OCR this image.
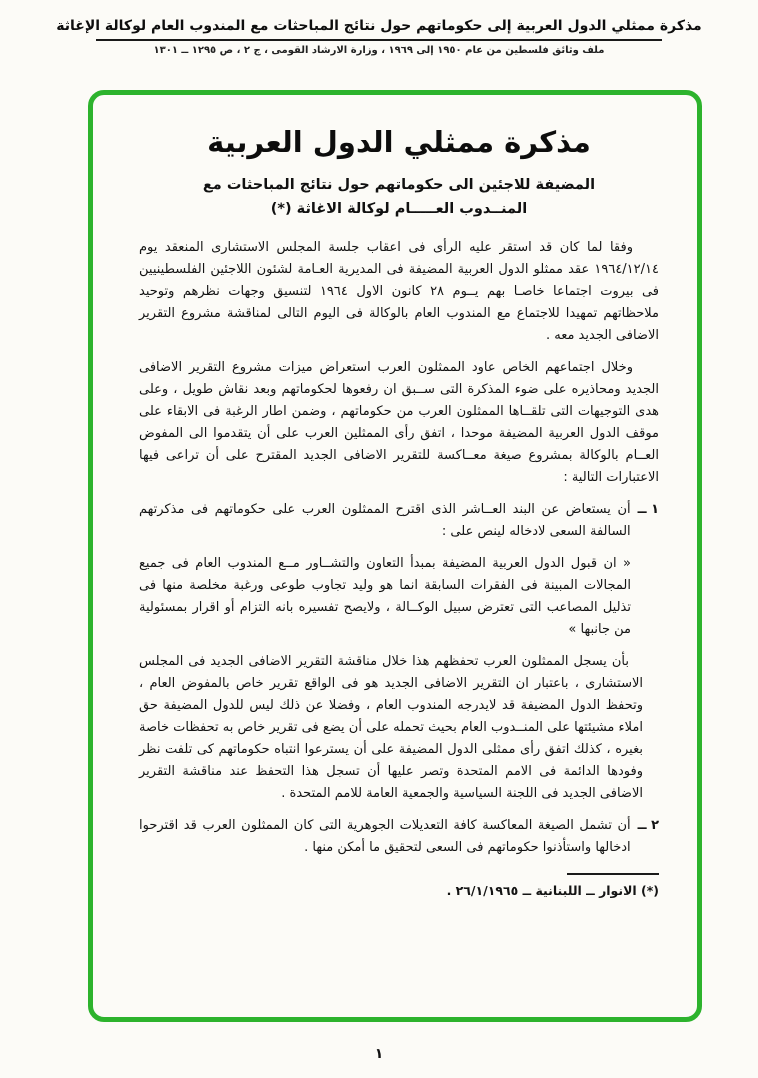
مذكرة ممثلي الدول العربية إلى حكوماتهم حول نتائج المباحثات مع المندوب العام لوكالة الإغاثة
ملف وثائق فلسطين من عام ١٩٥٠ إلى ١٩٦٩ ، وزارة الارشاد القومى ، ج ٢ ، ص ١٢٩٥ ــ ١٣٠١
مذكرة ممثلي الدول العربية
المضيفة للاجئين الى حكوماتهم حول نتائج المباحثات مع
المنــدوب العـــــام لوكالة الاغاثة (*)

وفقا لما كان قد استقر عليه الرأى فى اعقاب جلسة المجلس الاستشارى المنعقد يوم ١٩٦٤/١٢/١٤ عقد ممثلو الدول العربية المضيفة فى المديرية العـامة لشئون اللاجئين الفلسطينيين فى بيروت اجتماعا خاصـا بهم يــوم ٢٨ كانون الاول ١٩٦٤ لتنسيق وجهات نظرهم وتوحيد ملاحظاتهم تمهيدا للاجتماع مع المندوب العام بالوكالة فى اليوم التالى لمناقشة مشروع التقرير الاضافى الجديد معه .

وخلال اجتماعهم الخاص عاود الممثلون العرب استعراض ميزات مشروع التقرير الاضافى الجديد ومحاذيره على ضوء المذكرة التى ســبق ان رفعوها لحكوماتهم وبعد نقاش طويل ، وعلى هدى التوجيهات التى تلقــاها الممثلون العرب من حكوماتهم ، وضمن اطار الرغبة فى الابقاء على موقف الدول العربية المضيفة موحدا ، اتفق رأى الممثلين العرب على أن يتقدموا الى المفوض العــام بالوكالة بمشروع صيغة معــاكسة للتقرير الاضافى الجديد المقترح على أن تراعى فيها الاعتبارات التالية :

١ ــ
أن يستعاض عن البند العــاشر الذى اقترح الممثلون العرب على حكوماتهم فى مذكرتهم السالفة السعى لادخاله لينص على :

« ان قبول الدول العربية المضيفة بمبدأ التعاون والتشــاور مــع المندوب العام فى جميع المجالات المبينة فى الفقرات السابقة انما هو وليد تجاوب طوعى ورغبة مخلصة منها فى تذليل المصاعب التى تعترض سبيل الوكــالة ، ولايصح تفسيره بانه التزام أو اقرار بمسئولية من جانبها »

بأن يسجل الممثلون العرب تحفظهم هذا خلال مناقشة التقرير الاضافى الجديد فى المجلس الاستشارى ، باعتبار ان التقرير الاضافى الجديد هو فى الواقع تقرير خاص بالمفوض العام ، وتحفظ الدول المضيفة قد لايدرجه المندوب العام ، وفضلا عن ذلك ليس للدول المضيفة حق املاء مشيئتها على المنــدوب العام بحيث تحمله على أن يضع فى تقرير خاص به تحفظات خاصة بغيره ، كذلك اتفق رأى ممثلى الدول المضيفة على أن يسترعوا انتباه حكوماتهم كى تلفت نظر وفودها الدائمة فى الامم المتحدة وتصر عليها أن تسجل هذا التحفظ عند مناقشة التقرير الاضافى الجديد فى اللجنة السياسية والجمعية العامة للامم المتحدة .

٢ ــ
أن تشمل الصيغة المعاكسة كافة التعديلات الجوهرية التى كان الممثلون العرب قد اقترحوا ادخالها واستأذنوا حكوماتهم فى السعى لتحقيق ما أمكن منها .
(*) الانوار ــ اللبنانية ــ ٢٦/١/١٩٦٥ .
١
